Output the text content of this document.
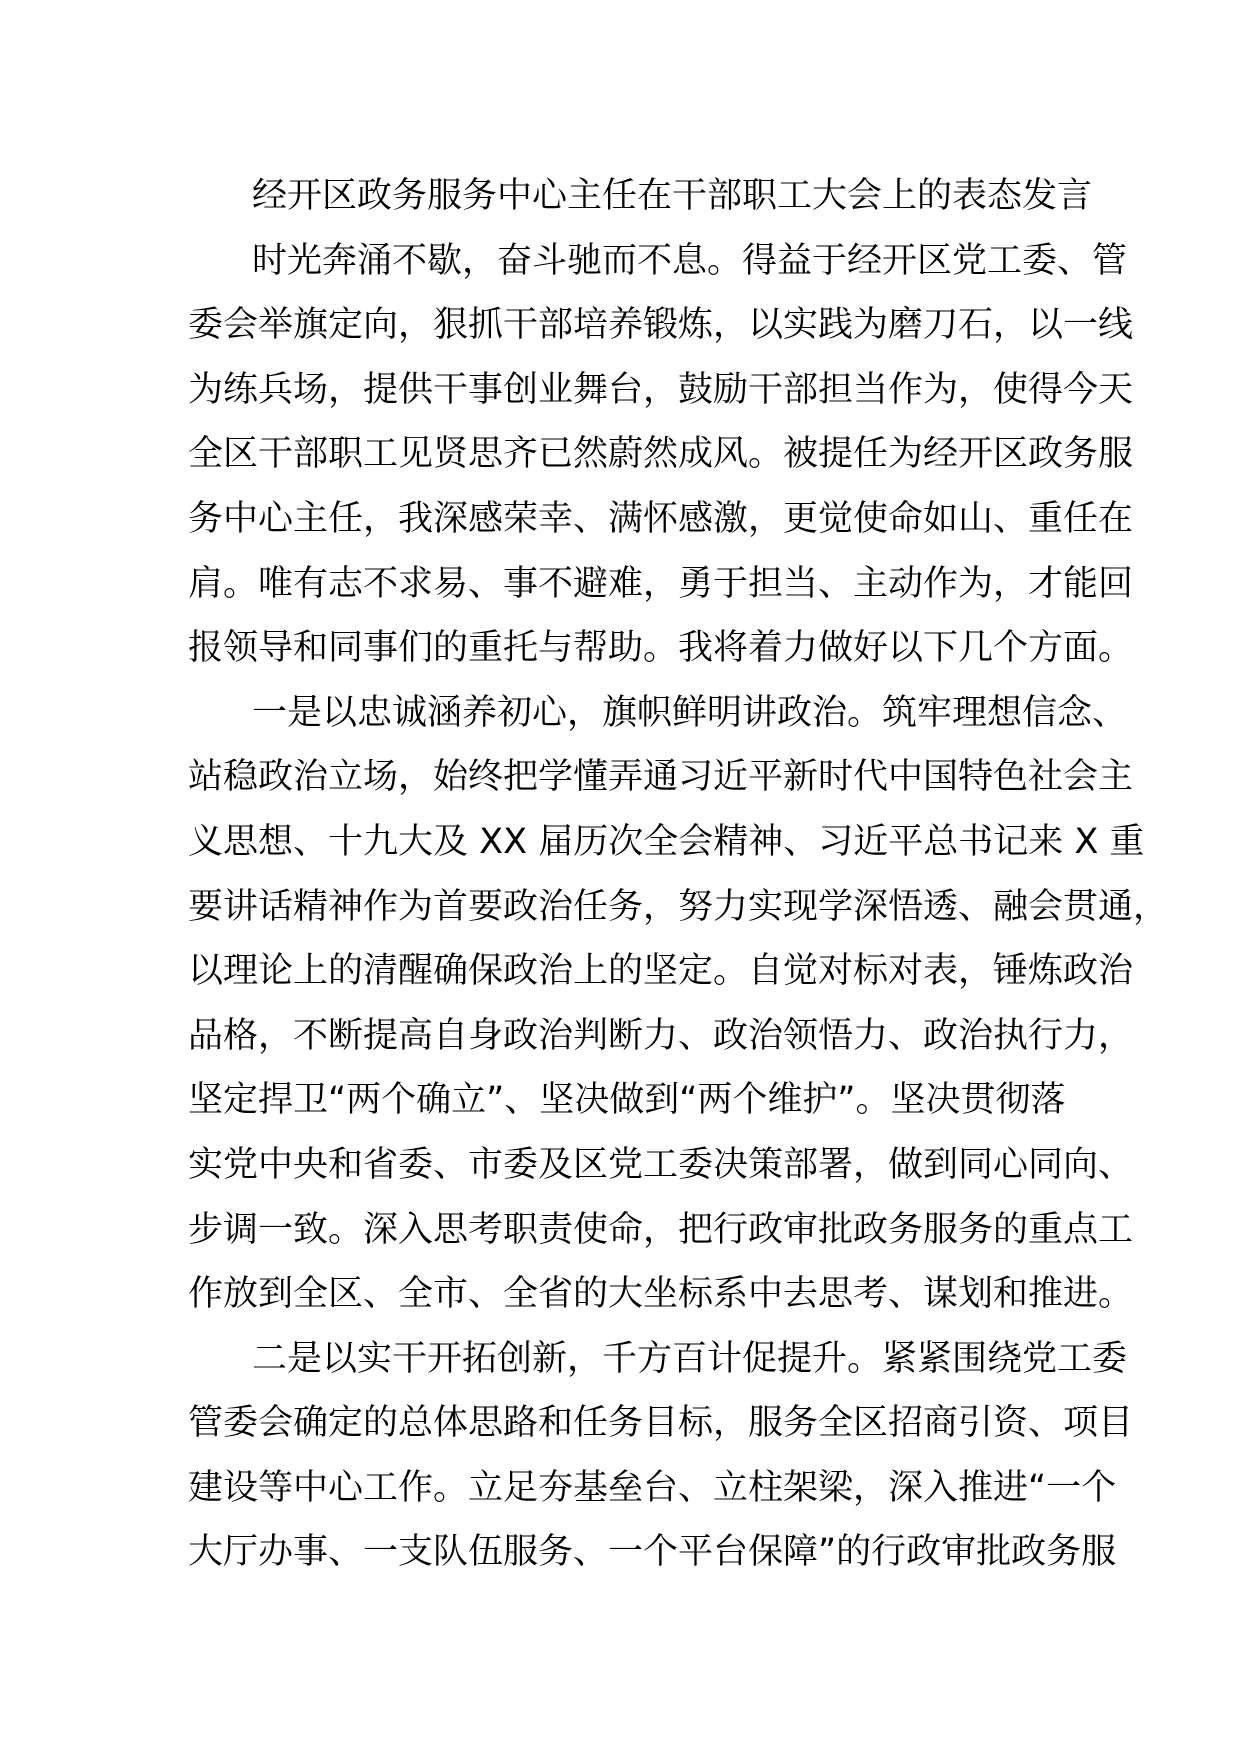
经开区政务服务中心主任在干部职工大会上的表态发言
时光奔涌不歇，奋斗驰而不息。得益于经开区党工委、管
委会举旗定向，狠抓干部培养锻炼，以实践为磨刀石，以一线
为练兵场，提供干事创业舞台，鼓励干部担当作为，使得今天
全区干部职工见贤思齐已然蔚然成风。被提任为经开区政务服
务中心主任，我深感荣幸、满怀感激，更觉使命如山、重任在
肩。唯有志不求易、事不避难，勇于担当、主动作为，才能回
报领导和同事们的重托与帮助。我将着力做好以下几个方面。
一是以忠诚涵养初心，旗帜鲜明讲政治。筑牢理想信念、
站稳政治立场，始终把学懂弄通习近平新时代中国特色社会主
义思想、十九大及 XX 届历次全会精神、习近平总书记来 X 重
要讲话精神作为首要政治任务，努力实现学深悟透、融会贯通，
以理论上的清醒确保政治上的坚定。自觉对标对表，锤炼政治
品格，不断提高自身政治判断力、政治领悟力、政治执行力，
坚定捍卫“两个确立”、坚决做到“两个维护”。坚决贯彻落
实党中央和省委、市委及区党工委决策部署，做到同心同向、
步调一致。深入思考职责使命，把行政审批政务服务的重点工
作放到全区、全市、全省的大坐标系中去思考、谋划和推进。
二是以实干开拓创新，千方百计促提升。紧紧围绕党工委
管委会确定的总体思路和任务目标，服务全区招商引资、项目
建设等中心工作。立足夯基垒台、立柱架梁，深入推进“一个
大厅办事、一支队伍服务、一个平台保障”的行政审批政务服
